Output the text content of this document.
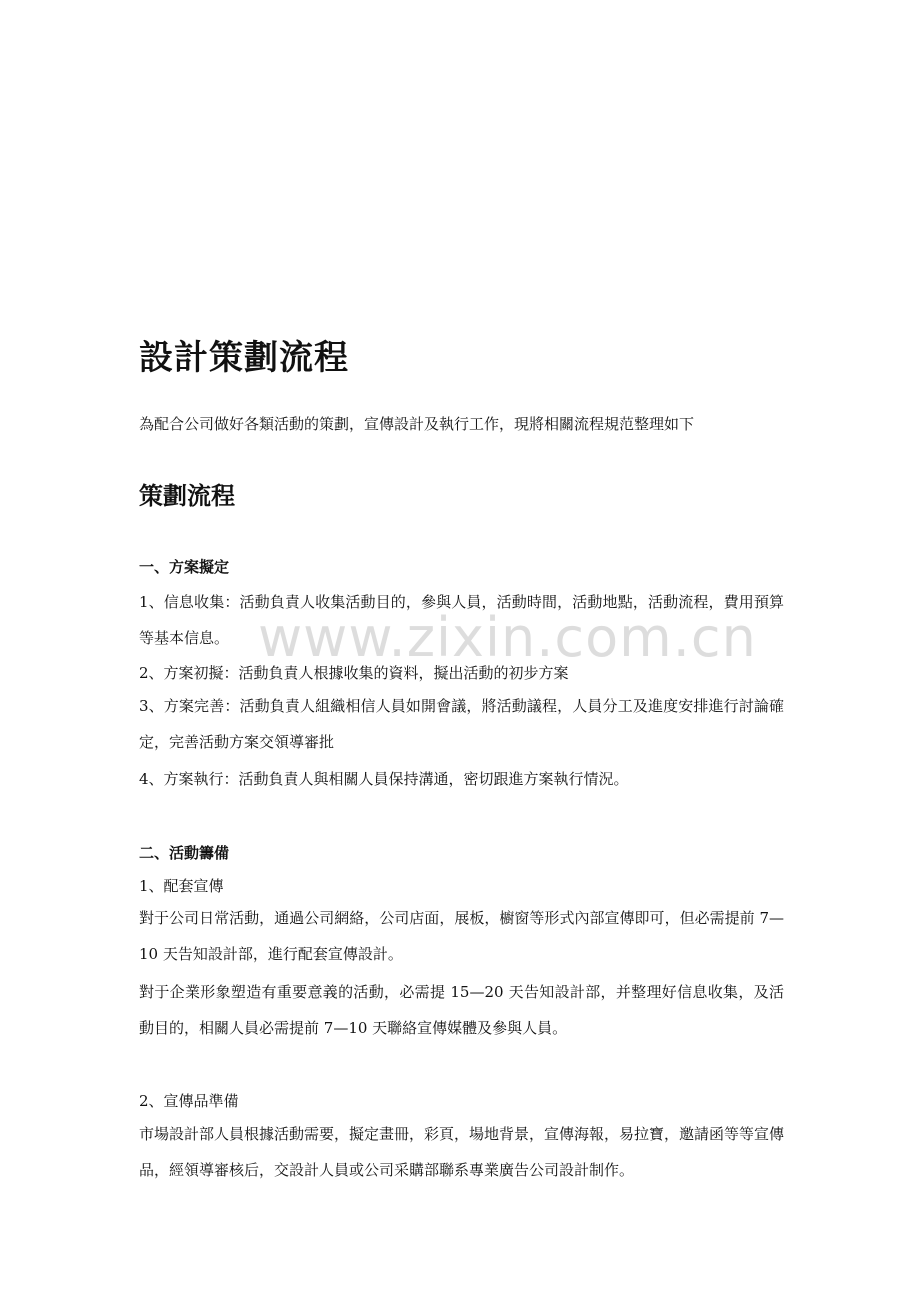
www.zixin.com.cn
設計策劃流程
為配合公司做好各類活動的策劃，宣傳設計及執行工作，現將相關流程規范整理如下
策劃流程
一、方案擬定
1、信息收集：活動負責人收集活動目的，參與人員，活動時間，活動地點，活動流程，費用預算等基本信息。
2、方案初擬：活動負責人根據收集的資料，擬出活動的初步方案
3、方案完善：活動負責人組織相信人員如開會議，將活動議程，人員分工及進度安排進行討論確定，完善活動方案交領導審批
4、方案執行：活動負責人與相關人員保持溝通，密切跟進方案執行情況。
二、活動籌備
1、配套宣傳
對于公司日常活動，通過公司網絡，公司店面，展板，櫥窗等形式內部宣傳即可，但必需提前 7—10 天告知設計部，進行配套宣傳設計。
對于企業形象塑造有重要意義的活動，必需提 15—20 天告知設計部，并整理好信息收集，及活動目的，相關人員必需提前 7—10 天聯絡宣傳媒體及參與人員。
2、宣傳品準備
市場設計部人員根據活動需要，擬定畫冊，彩頁，場地背景，宣傳海報，易拉寶，邀請函等等宣傳品，經領導審核后，交設計人員或公司采購部聯系專業廣告公司設計制作。
